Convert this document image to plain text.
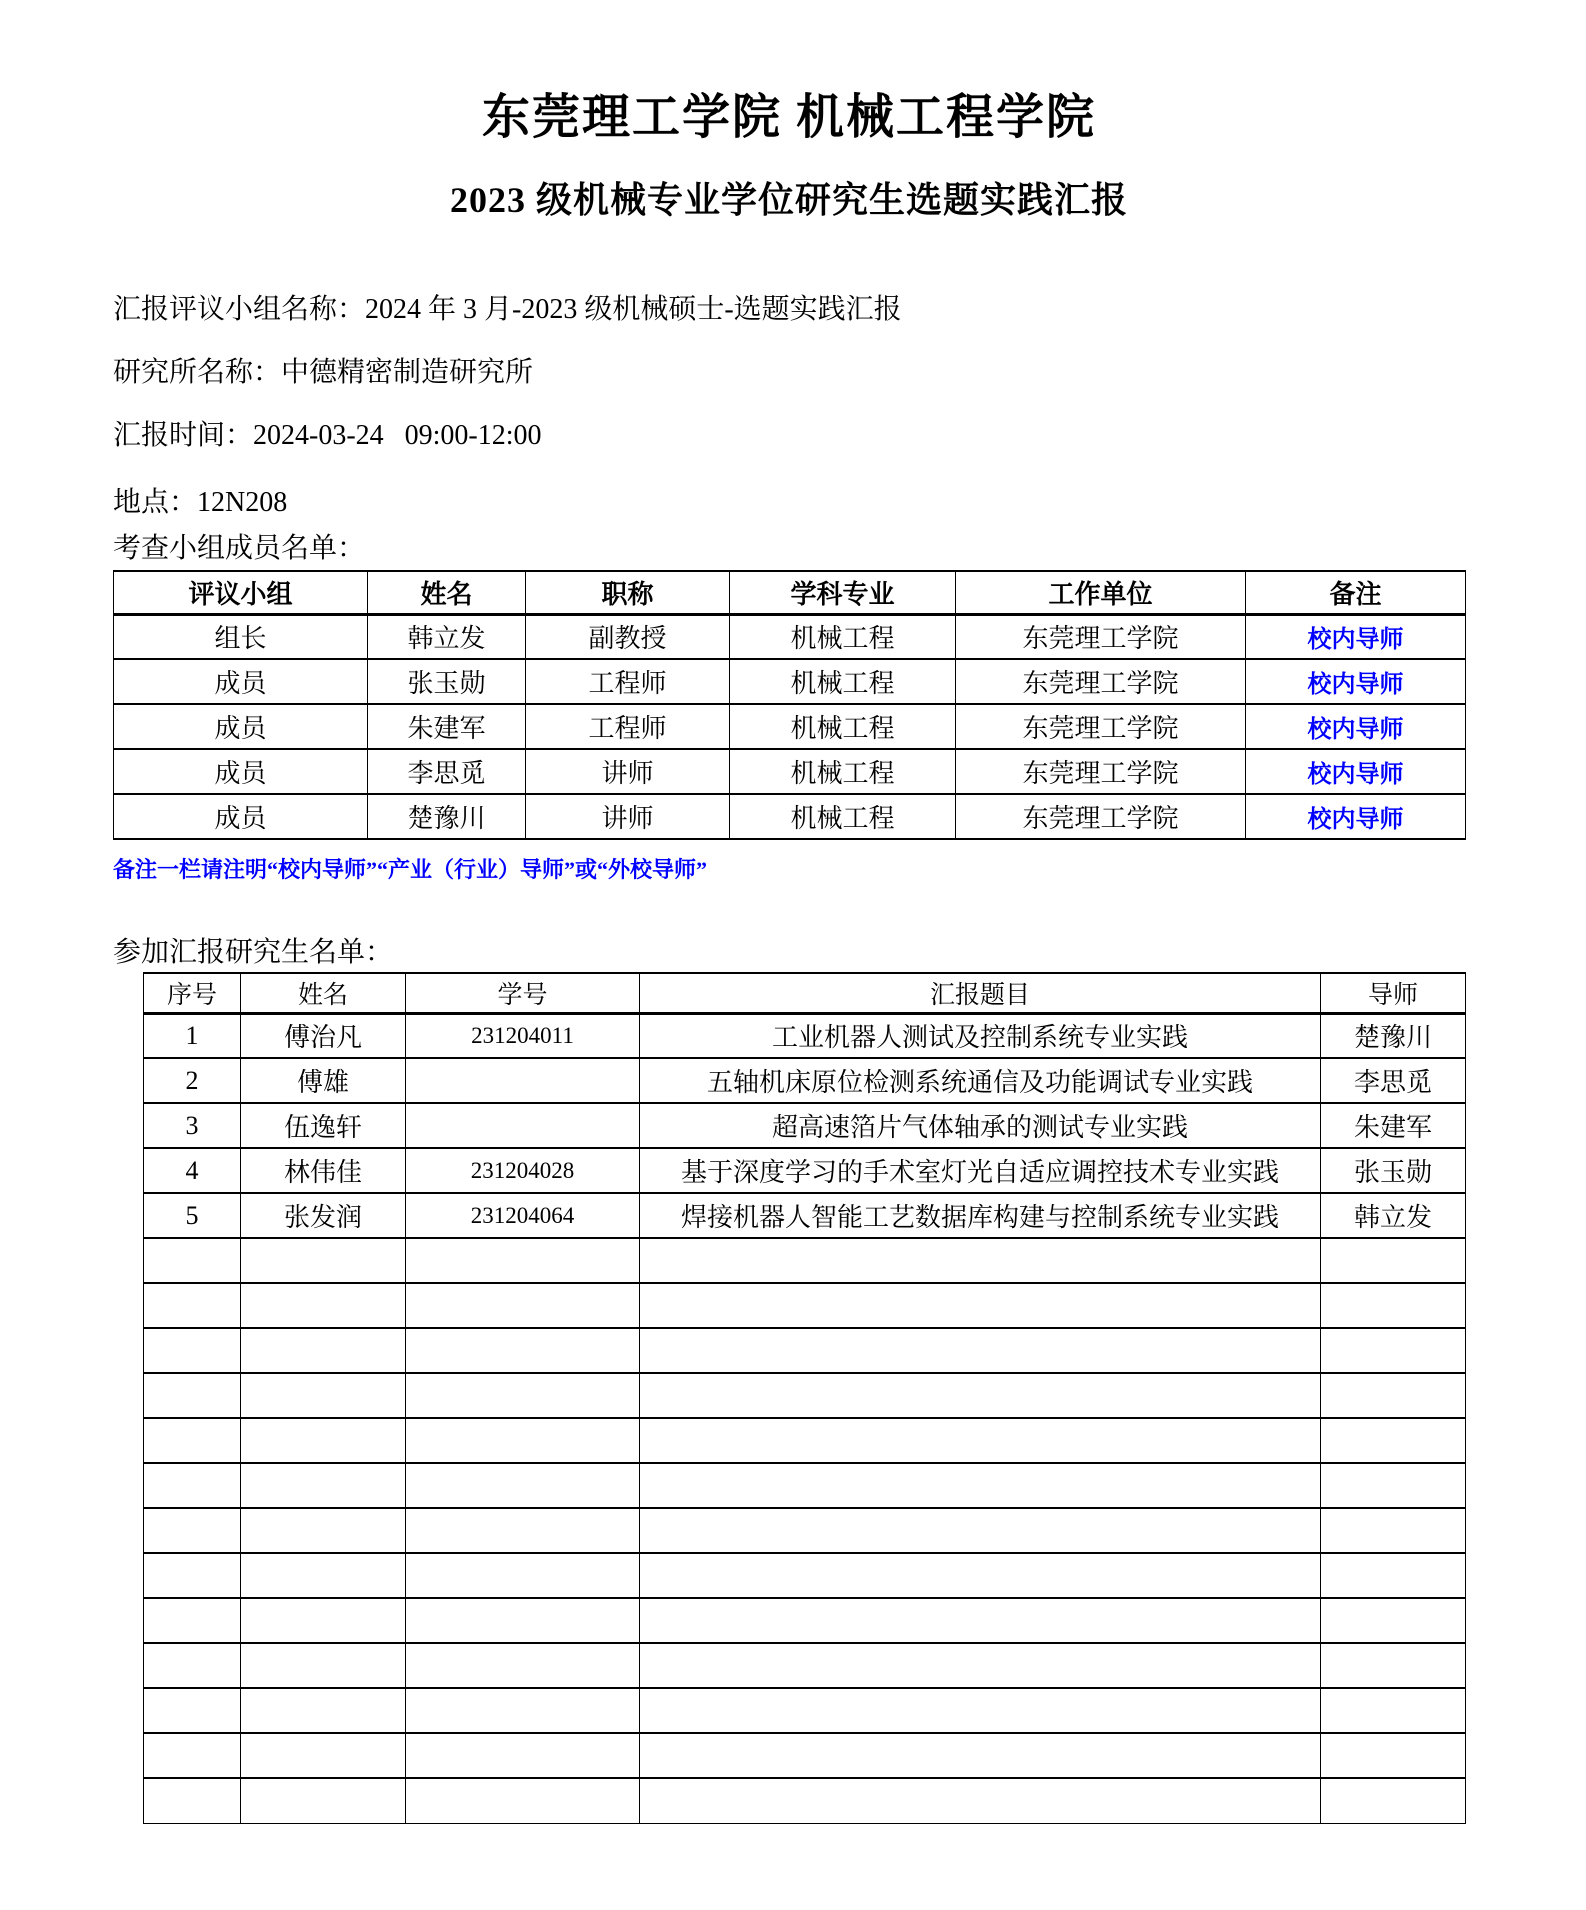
东莞理工学院 机械工程学院
2023 级机械专业学位研究生选题实践汇报
汇报评议小组名称：2024 年 3 月-2023 级机械硕士-选题实践汇报
研究所名称：中德精密制造研究所
汇报时间：2024-03-24   09:00-12:00
地点：12N208
考查小组成员名单：
评议小组	姓名	职称	学科专业	工作单位	备注
组长	韩立发	副教授	机械工程	东莞理工学院	校内导师
成员	张玉勋	工程师	机械工程	东莞理工学院	校内导师
成员	朱建军	工程师	机械工程	东莞理工学院	校内导师
成员	李思觅	讲师	机械工程	东莞理工学院	校内导师
成员	楚豫川	讲师	机械工程	东莞理工学院	校内导师
备注一栏请注明“校内导师”“产业（行业）导师”或“外校导师”
参加汇报研究生名单：
序号	姓名	学号	汇报题目	导师
1	傅治凡	231204011	工业机器人测试及控制系统专业实践	楚豫川
2	傅雄		五轴机床原位检测系统通信及功能调试专业实践	李思觅
3	伍逸轩		超高速箔片气体轴承的测试专业实践	朱建军
4	林伟佳	231204028	基于深度学习的手术室灯光自适应调控技术专业实践	张玉勋
5	张发润	231204064	焊接机器人智能工艺数据库构建与控制系统专业实践	韩立发
